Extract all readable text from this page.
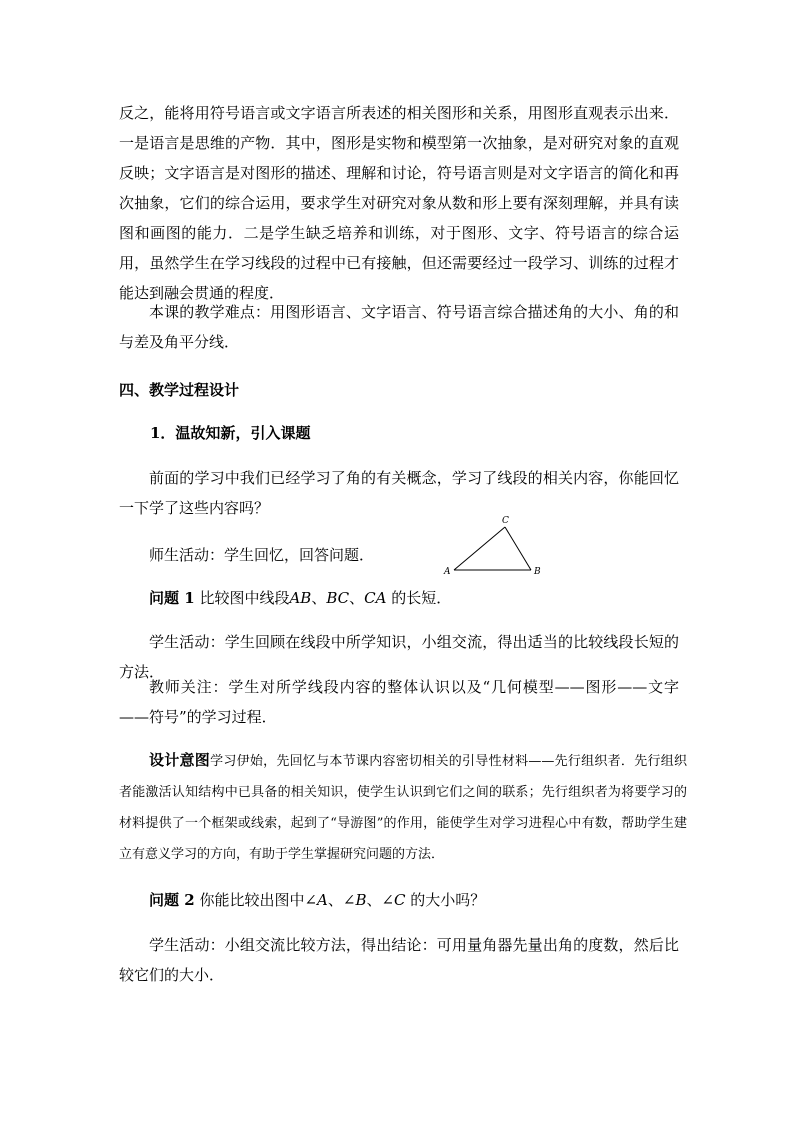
反之，能将用符号语言或文字语言所表述的相关图形和关系，用图形直观表示出来．一是语言是思维的产物．其中，图形是实物和模型第一次抽象，是对研究对象的直观反映；文字语言是对图形的描述、理解和讨论，符号语言则是对文字语言的简化和再次抽象，它们的综合运用，要求学生对研究对象从数和形上要有深刻理解，并具有读图和画图的能力．二是学生缺乏培养和训练，对于图形、文字、符号语言的综合运用，虽然学生在学习线段的过程中已有接触，但还需要经过一段学习、训练的过程才能达到融会贯通的程度．

本课的教学难点：用图形语言、文字语言、符号语言综合描述角的大小、角的和与差及角平分线．

四、教学过程设计

1．温故知新，引入课题

前面的学习中我们已经学习了角的有关概念，学习了线段的相关内容，你能回忆一下学了这些内容吗？

师生活动：学生回忆，回答问题．

A	B
C

问题 1 比较图中线段AB、BC、CA 的长短．

学生活动：学生回顾在线段中所学知识，小组交流，得出适当的比较线段长短的方法．

教师关注：学生对所学线段内容的整体认识以及“几何模型——图形——文字——符号”的学习过程．

设计意图学习伊始，先回忆与本节课内容密切相关的引导性材料——先行组织者．先行组织者能激活认知结构中已具备的相关知识，使学生认识到它们之间的联系；先行组织者为将要学习的材料提供了一个框架或线索，起到了“导游图”的作用，能使学生对学习进程心中有数，帮助学生建立有意义学习的方向，有助于学生掌握研究问题的方法．

问题 2 你能比较出图中∠A、∠B、∠C 的大小吗？

学生活动：小组交流比较方法，得出结论：可用量角器先量出角的度数，然后比较它们的大小．
